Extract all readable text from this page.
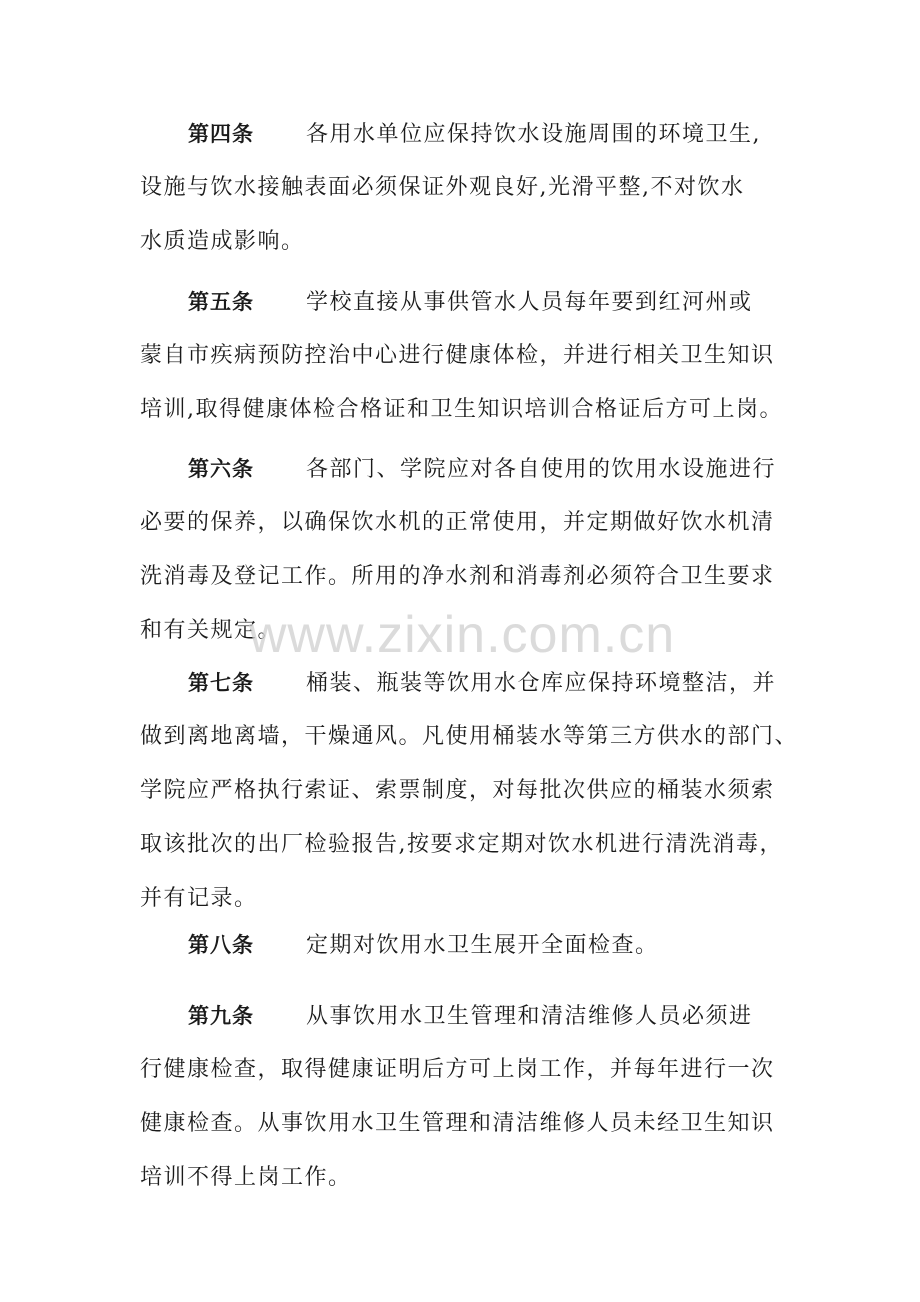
第四条 各用水单位应保持饮水设施周围的环境卫生,
设施与饮水接触表面必须保证外观良好,光滑平整,不对饮水
水质造成影响。
第五条 学校直接从事供管水人员每年要到红河州或
蒙自市疾病预防控治中心进行健康体检，并进行相关卫生知识
培训,取得健康体检合格证和卫生知识培训合格证后方可上岗。
第六条 各部门、学院应对各自使用的饮用水设施进行
必要的保养，以确保饮水机的正常使用，并定期做好饮水机清
洗消毒及登记工作。所用的净水剂和消毒剂必须符合卫生要求
和有关规定。
第七条 桶装、瓶装等饮用水仓库应保持环境整洁，并
做到离地离墙，干燥通风。凡使用桶装水等第三方供水的部门、
学院应严格执行索证、索票制度，对每批次供应的桶装水须索
取该批次的出厂检验报告,按要求定期对饮水机进行清洗消毒，
并有记录。
第八条 定期对饮用水卫生展开全面检查。
第九条 从事饮用水卫生管理和清洁维修人员必须进
行健康检查，取得健康证明后方可上岗工作，并每年进行一次
健康检查。从事饮用水卫生管理和清洁维修人员未经卫生知识
培训不得上岗工作。
www.zixin.com.cn
